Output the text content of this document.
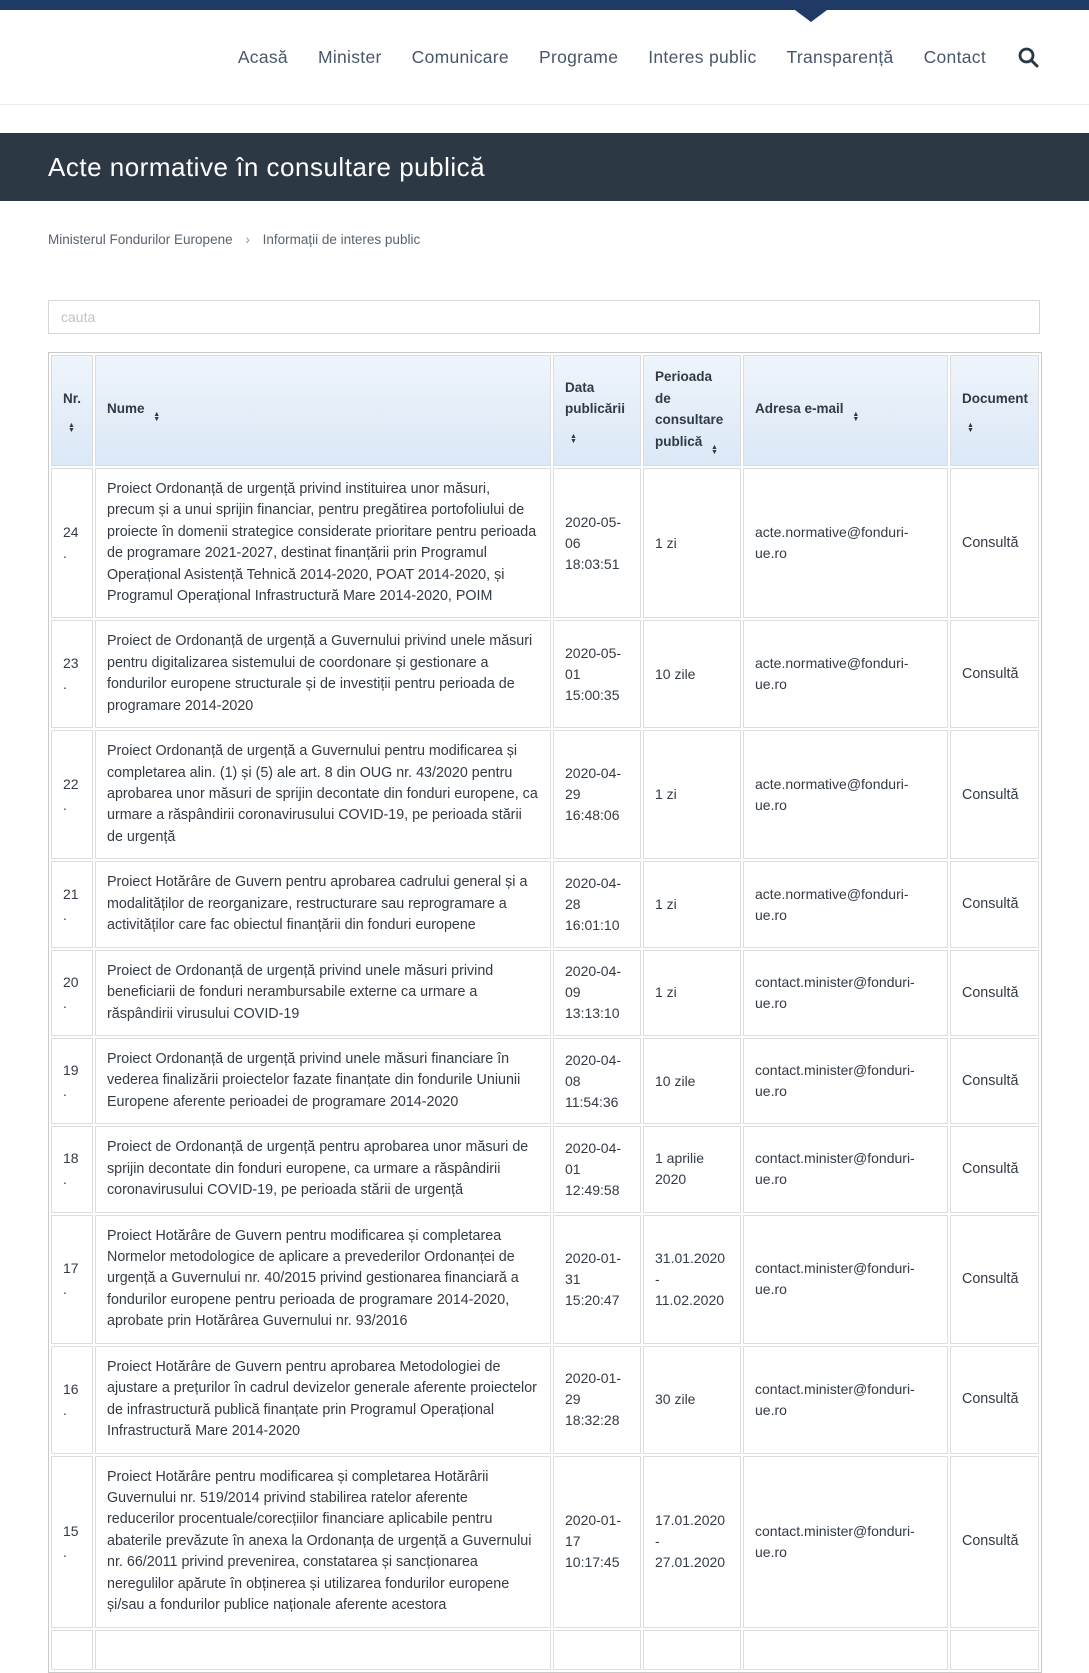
Acasă Minister Comunicare Programe Interes public Transparență Contact
Acte normative în consultare publică
Ministerul Fondurilor Europene › Informații de interes public
cauta
Nr.
▲
▼	Nume ▲
▼	Data publicării
▲
▼	Perioada de consultare publică ▲
▼	Adresa e-mail ▲
▼	Document
▲
▼

24.	Proiect Ordonanță de urgență privind instituirea unor măsuri, precum și a unui sprijin financiar, pentru pregătirea portofoliului de proiecte în domenii strategice considerate prioritare pentru perioada de programare 2021-2027, destinat finanțării prin Programul Operațional Asistență Tehnică 2014-2020, POAT 2014-2020, și Programul Operațional Infrastructură Mare 2014-2020, POIM	2020-05-06 18:03:51	1 zi	acte.normative@fonduri-ue.ro	Consultă
23.	Proiect de Ordonanță de urgență a Guvernului privind unele măsuri pentru digitalizarea sistemului de coordonare și gestionare a fondurilor europene structurale și de investiții pentru perioada de programare 2014-2020	2020-05-01 15:00:35	10 zile	acte.normative@fonduri-ue.ro	Consultă
22.	Proiect Ordonanță de urgență a Guvernului pentru modificarea și completarea alin. (1) și (5) ale art. 8 din OUG nr. 43/2020 pentru aprobarea unor măsuri de sprijin decontate din fonduri europene, ca urmare a răspândirii coronavirusului COVID-19, pe perioada stării de urgență	2020-04-29 16:48:06	1 zi	acte.normative@fonduri-ue.ro	Consultă
21.	Proiect Hotărâre de Guvern pentru aprobarea cadrului general și a modalităților de reorganizare, restructurare sau reprogramare a activităților care fac obiectul finanțării din fonduri europene	2020-04-28 16:01:10	1 zi	acte.normative@fonduri-ue.ro	Consultă
20.	Proiect de Ordonanță de urgență privind unele măsuri privind beneficiarii de fonduri nerambursabile externe ca urmare a răspândirii virusului COVID-19	2020-04-09 13:13:10	1 zi	contact.minister@fonduri-ue.ro	Consultă
19.	Proiect Ordonanță de urgență privind unele măsuri financiare în vederea finalizării proiectelor fazate finanțate din fondurile Uniunii Europene aferente perioadei de programare 2014-2020	2020-04-08 11:54:36	10 zile	contact.minister@fonduri-ue.ro	Consultă
18.	Proiect de Ordonanță de urgență pentru aprobarea unor măsuri de sprijin decontate din fonduri europene, ca urmare a răspândirii coronavirusului COVID-19, pe perioada stării de urgență	2020-04-01 12:49:58	1 aprilie 2020	contact.minister@fonduri-ue.ro	Consultă
17.	Proiect Hotărâre de Guvern pentru modificarea și completarea Normelor metodologice de aplicare a prevederilor Ordonanței de urgență a Guvernului nr. 40/2015 privind gestionarea financiară a fondurilor europene pentru perioada de programare 2014-2020, aprobate prin Hotărârea Guvernului nr. 93/2016	2020-01-31 15:20:47	31.01.2020 - 11.02.2020	contact.minister@fonduri-ue.ro	Consultă
16.	Proiect Hotărâre de Guvern pentru aprobarea Metodologiei de ajustare a prețurilor în cadrul devizelor generale aferente proiectelor de infrastructură publică finanțate prin Programul Operațional Infrastructură Mare 2014-2020	2020-01-29 18:32:28	30 zile	contact.minister@fonduri-ue.ro	Consultă
15.	Proiect Hotărâre pentru modificarea și completarea Hotărârii Guvernului nr. 519/2014 privind stabilirea ratelor aferente reducerilor procentuale/corecțiilor financiare aplicabile pentru abaterile prevăzute în anexa la Ordonanța de urgență a Guvernului nr. 66/2011 privind prevenirea, constatarea și sancționarea neregulilor apărute în obținerea și utilizarea fondurilor europene și/sau a fondurilor publice naționale aferente acestora	2020-01-17 10:17:45	17.01.2020 - 27.01.2020	contact.minister@fonduri-ue.ro	Consultă
